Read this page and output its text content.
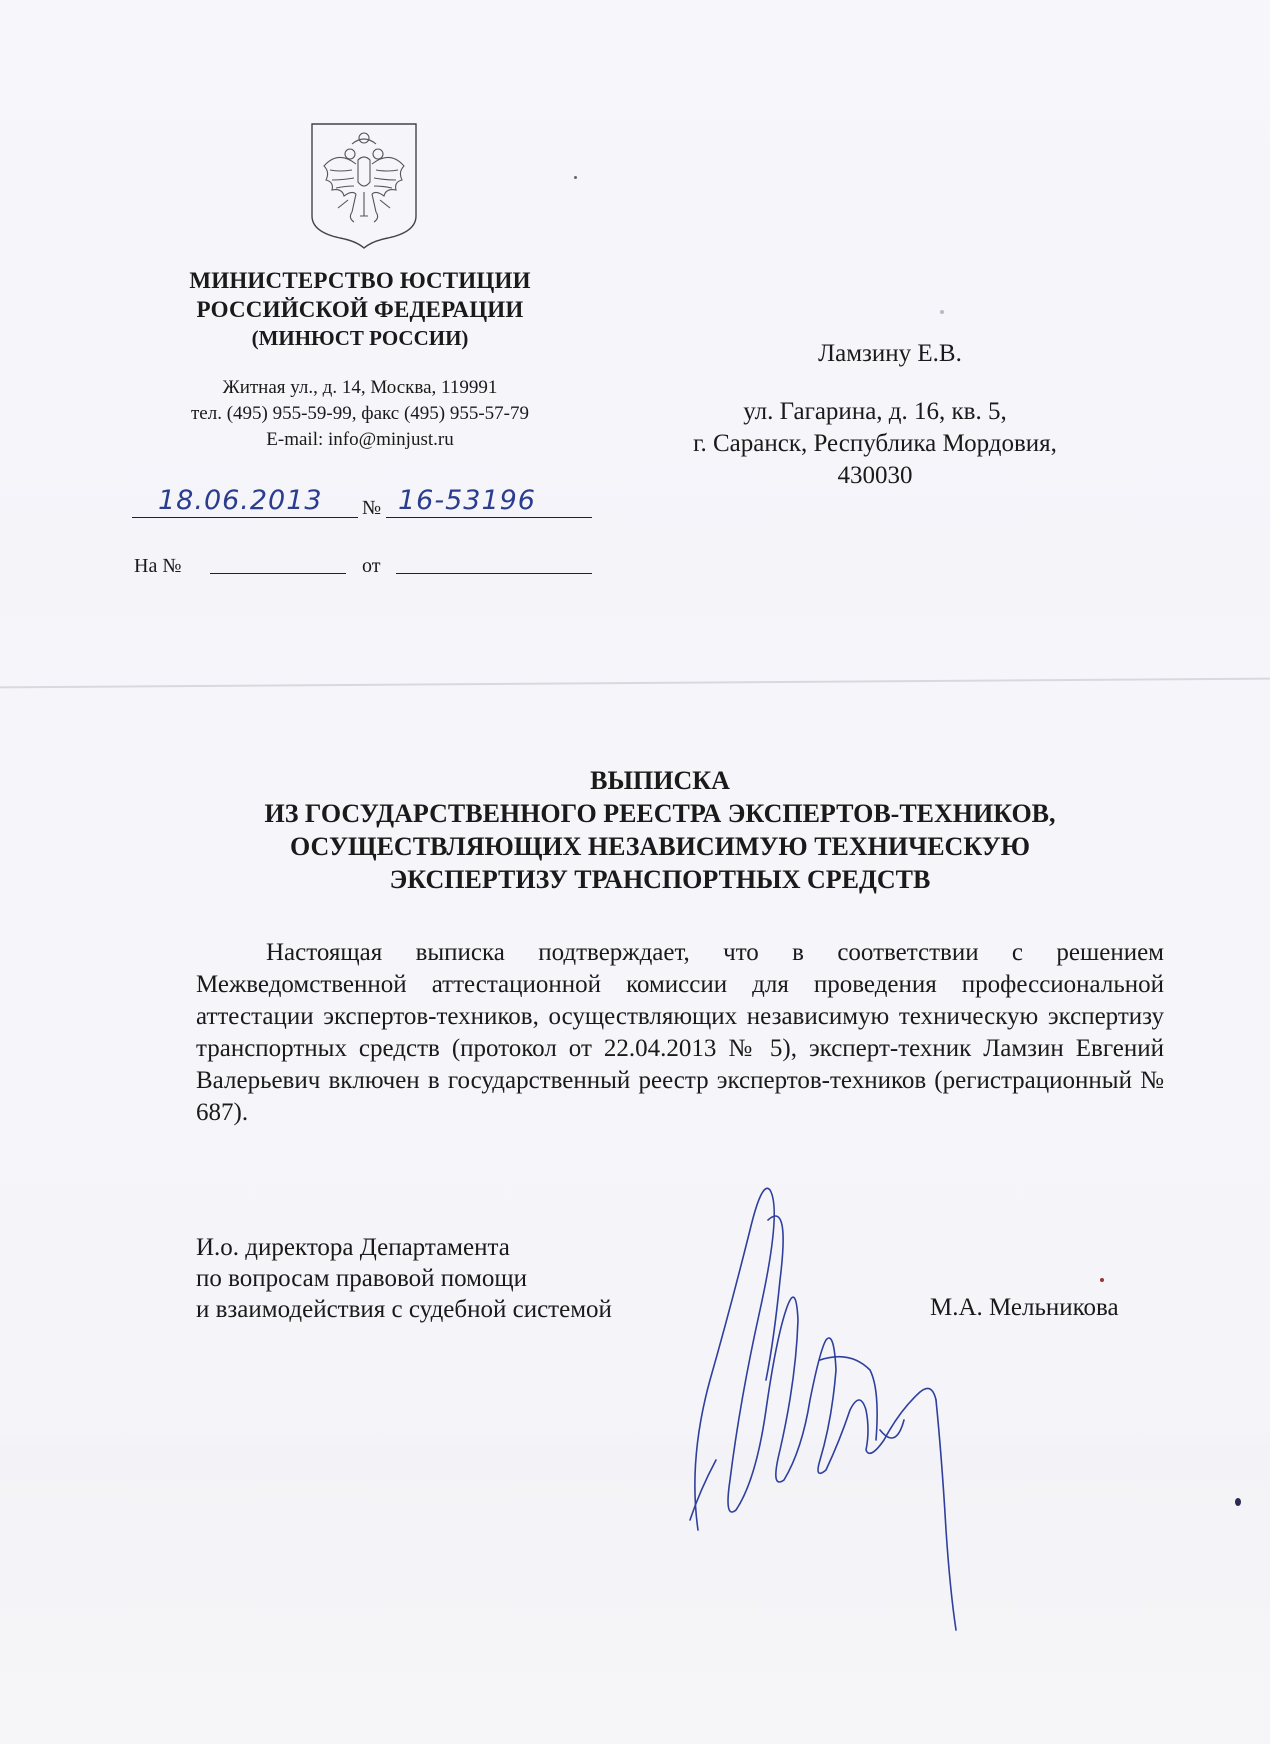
МИНИСТЕРСТВО ЮСТИЦИИ
РОССИЙСКОЙ ФЕДЕРАЦИИ
(МИНЮСТ РОССИИ)
Житная ул., д. 14, Москва, 119991
тел. (495) 955-59-99, факс (495) 955-57-79
E-mail: info@minjust.ru
18.06.2013 № 16-53196
На №	от
Ламзину Е.В.
ул. Гагарина, д. 16, кв. 5,
г. Саранск, Республика Мордовия,
430030
ВЫПИСКА
ИЗ ГОСУДАРСТВЕННОГО РЕЕСТРА ЭКСПЕРТОВ-ТЕХНИКОВ,
ОСУЩЕСТВЛЯЮЩИХ НЕЗАВИСИМУЮ ТЕХНИЧЕСКУЮ
ЭКСПЕРТИЗУ ТРАНСПОРТНЫХ СРЕДСТВ
Настоящая выписка подтверждает, что в соответствии с решением Межведомственной аттестационной комиссии для проведения профессиональной аттестации экспертов-техников, осуществляющих независимую техническую экспертизу транспортных средств (протокол от 22.04.2013 № 5), эксперт-техник Ламзин Евгений Валерьевич включен в государственный реестр экспертов-техников (регистрационный № 687).
И.о. директора Департамента
по вопросам правовой помощи
и взаимодействия с судебной системой	М.А. Мельникова
